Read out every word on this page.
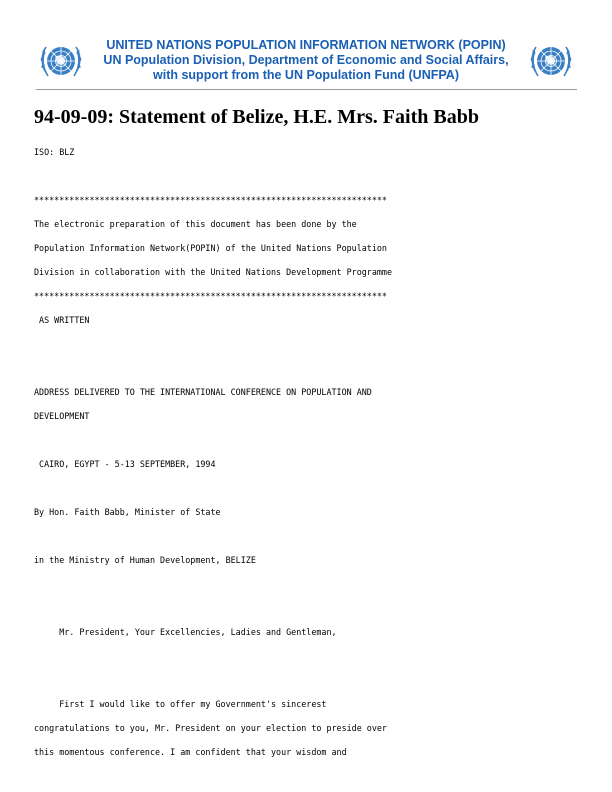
UNITED NATIONS POPULATION INFORMATION NETWORK (POPIN)
UN Population Division, Department of Economic and Social Affairs,
with support from the UN Population Fund (UNFPA)
94-09-09: Statement of Belize, H.E. Mrs. Faith Babb
ISO: BLZ
**********************************************************************
The electronic preparation of this document has been done by the
Population Information Network(POPIN) of the United Nations Population
Division in collaboration with the United Nations Development Programme
**********************************************************************
AS WRITTEN
ADDRESS DELIVERED TO THE INTERNATIONAL CONFERENCE ON POPULATION AND
DEVELOPMENT
CAIRO, EGYPT - 5-13 SEPTEMBER, 1994
By Hon. Faith Babb, Minister of State
in the Ministry of Human Development, BELIZE
Mr. President, Your Excellencies, Ladies and Gentleman,
First I would like to offer my Government's sincerest
congratulations to you, Mr. President on your election to preside over
this momentous conference. I am confident that your wisdom and
